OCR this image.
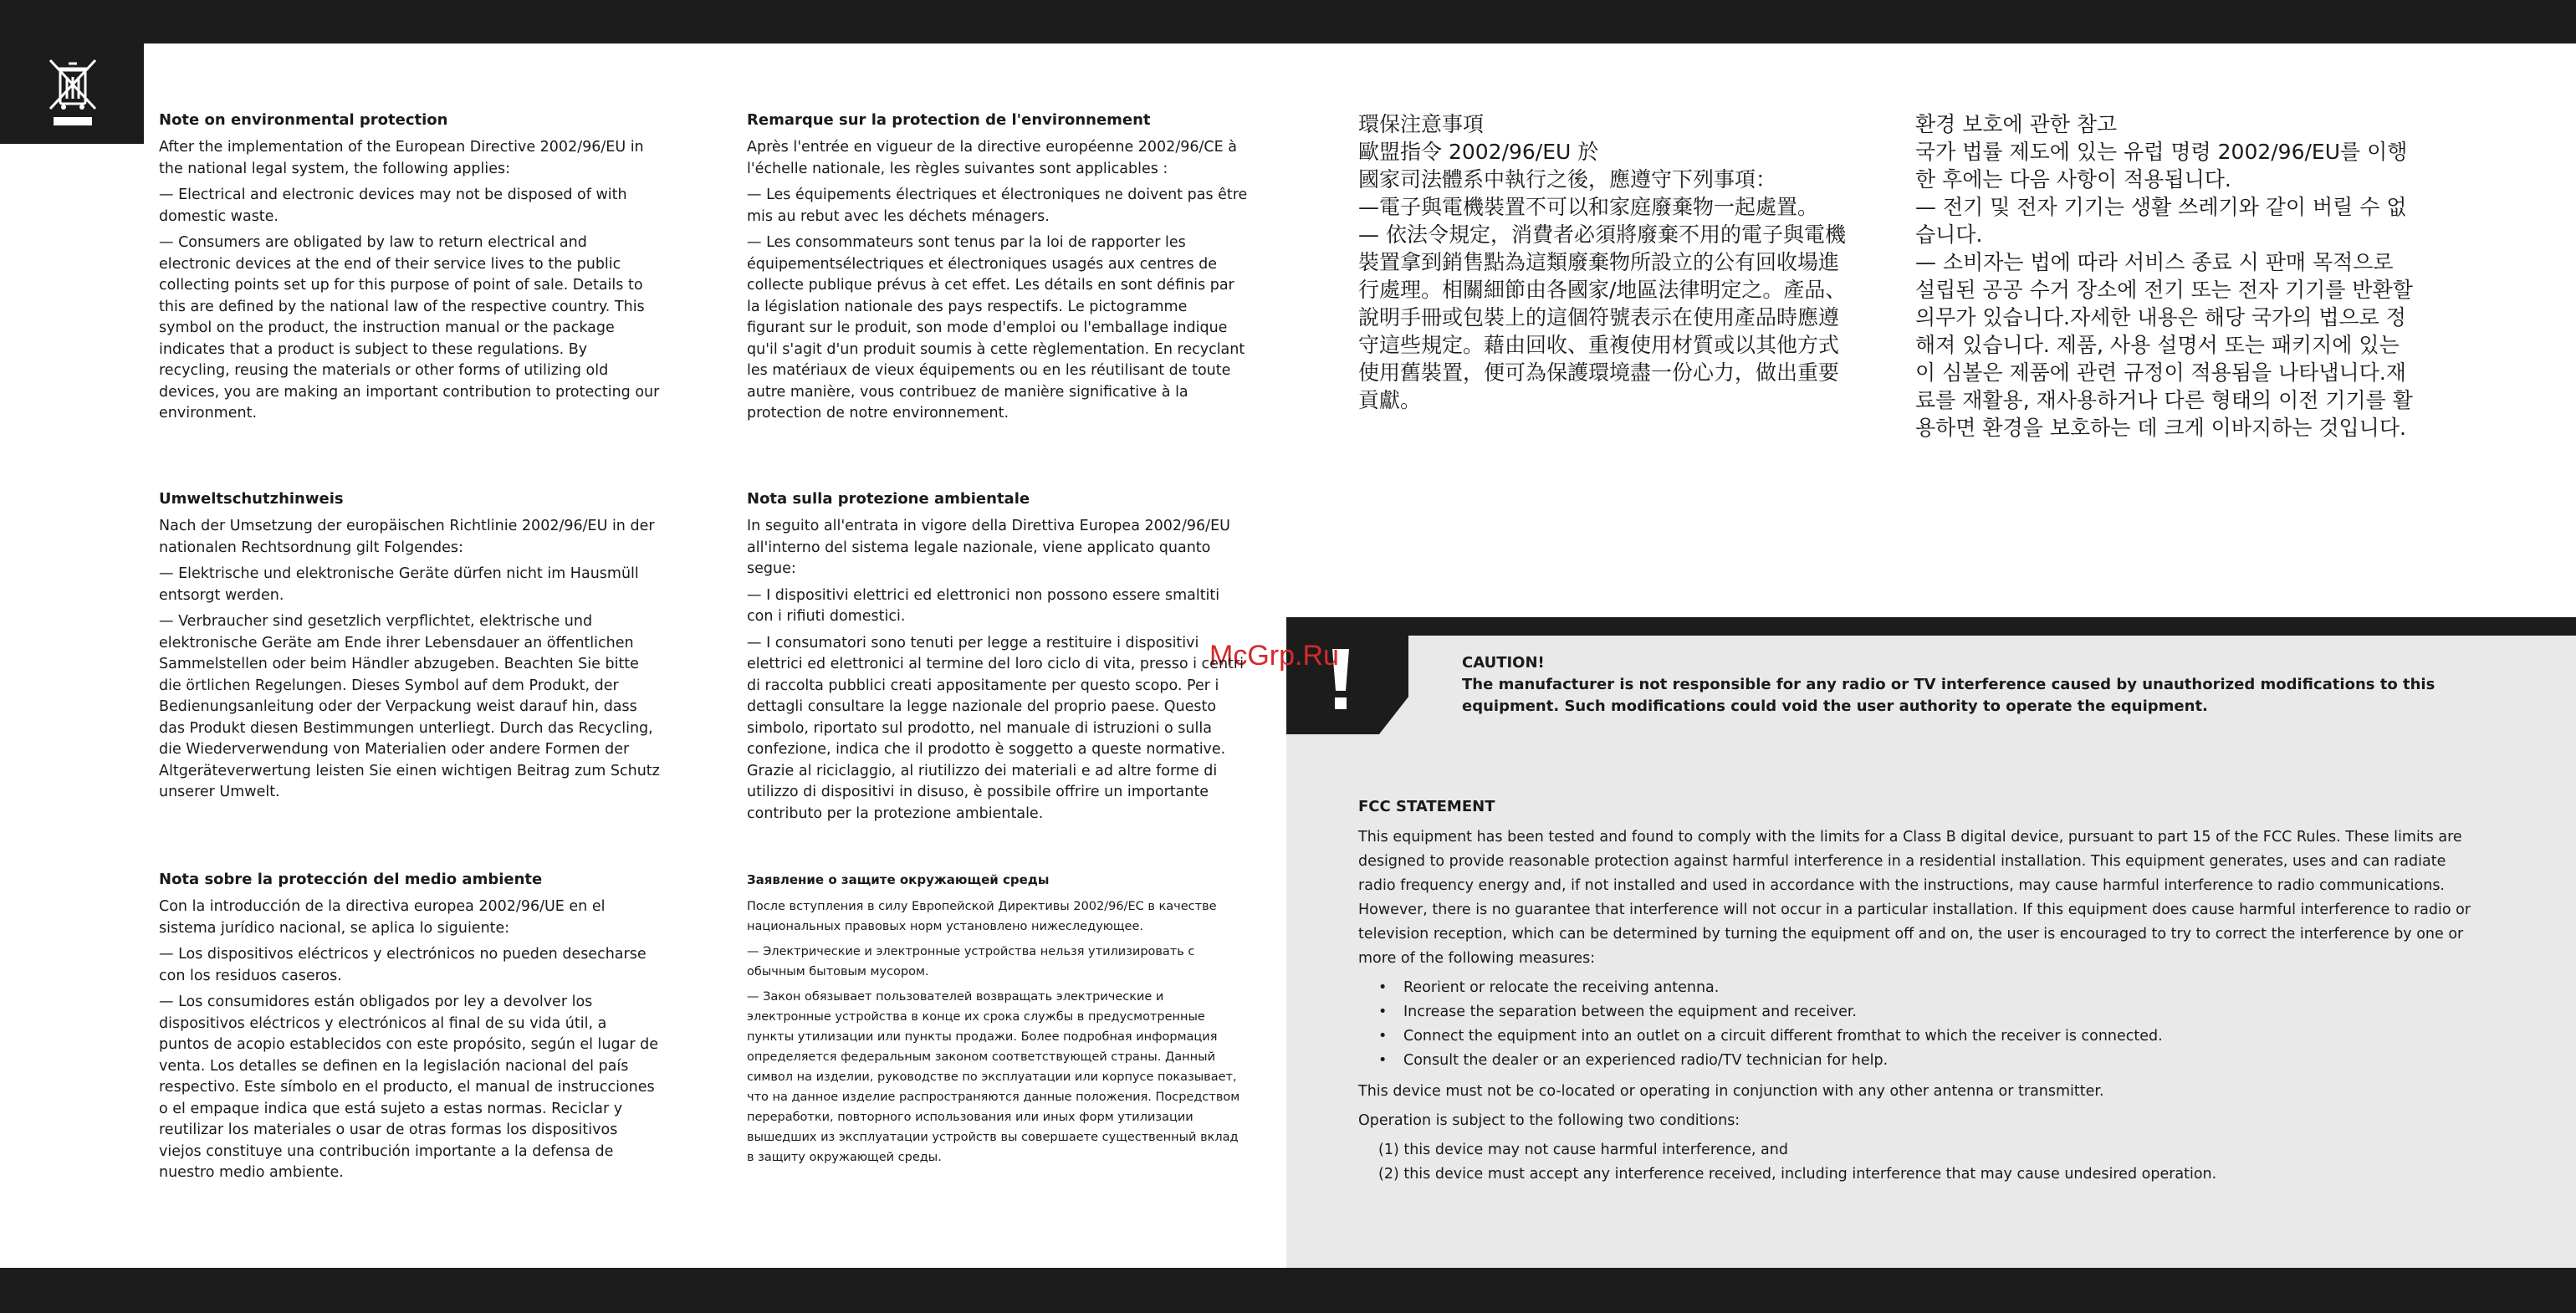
McGrp.Ru
Note on environmental protection

After the implementation of the European Directive 2002/96/EU in the national legal system, the following applies:

— Electrical and electronic devices may not be disposed of with domestic waste.

— Consumers are obligated by law to return electrical and electronic devices at the end of their service lives to the public collecting points set up for this purpose of point of sale. Details to this are defined by the national law of the respective country. This symbol on the product, the instruction manual or the package indicates that a product is subject to these regulations. By recycling, reusing the materials or other forms of utilizing old devices, you are making an important contribution to protecting our environment.

Remarque sur la protection de l'environnement

Après l'entrée en vigueur de la directive européenne 2002/96/CE à l'échelle nationale, les règles suivantes sont applicables :

— Les équipements électriques et électroniques ne doivent pas être mis au rebut avec les déchets ménagers.

— Les consommateurs sont tenus par la loi de rapporter les équipementsélectriques et électroniques usagés aux centres de collecte publique prévus à cet effet. Les détails en sont définis par la législation nationale des pays respectifs. Le pictogramme figurant sur le produit, son mode d'emploi ou l'emballage indique qu'il s'agit d'un produit soumis à cette règlementation. En recyclant les matériaux de vieux équipements ou en les réutilisant de toute autre manière, vous contribuez de manière significative à la protection de notre environnement.

Umweltschutzhinweis

Nach der Umsetzung der europäischen Richtlinie 2002/96/EU in der nationalen Rechtsordnung gilt Folgendes:

— Elektrische und elektronische Geräte dürfen nicht im Hausmüll entsorgt werden.

— Verbraucher sind gesetzlich verpflichtet, elektrische und elektronische Geräte am Ende ihrer Lebensdauer an öffentlichen Sammelstellen oder beim Händler abzugeben. Beachten Sie bitte die örtlichen Regelungen. Dieses Symbol auf dem Produkt, der Bedienungsanleitung oder der Verpackung weist darauf hin, dass das Produkt diesen Bestimmungen unterliegt. Durch das Recycling, die Wiederverwendung von Materialien oder andere Formen der Altgeräteverwertung leisten Sie einen wichtigen Beitrag zum Schutz unserer Umwelt.

Nota sulla protezione ambientale

In seguito all'entrata in vigore della Direttiva Europea 2002/96/EU all'interno del sistema legale nazionale, viene applicato quanto segue:

— I dispositivi elettrici ed elettronici non possono essere smaltiti con i rifiuti domestici.

— I consumatori sono tenuti per legge a restituire i dispositivi elettrici ed elettronici al termine del loro ciclo di vita, presso i centri di raccolta pubblici creati appositamente per questo scopo. Per i dettagli consultare la legge nazionale del proprio paese. Questo simbolo, riportato sul prodotto, nel manuale di istruzioni o sulla confezione, indica che il prodotto è soggetto a queste normative. Grazie al riciclaggio, al riutilizzo dei materiali e ad altre forme di utilizzo di dispositivi in disuso, è possibile offrire un importante contributo per la protezione ambientale.

Nota sobre la protección del medio ambiente

Con la introducción de la directiva europea 2002/96/UE en el sistema jurídico nacional, se aplica lo siguiente:

— Los dispositivos eléctricos y electrónicos no pueden desecharse con los residuos caseros.

— Los consumidores están obligados por ley a devolver los dispositivos eléctricos y electrónicos al final de su vida útil, a puntos de acopio establecidos con este propósito, según el lugar de venta. Los detalles se definen en la legislación nacional del país respectivo. Este símbolo en el producto, el manual de instrucciones o el empaque indica que está sujeto a estas normas. Reciclar y reutilizar los materiales o usar de otras formas los dispositivos viejos constituye una contribución importante a la defensa de nuestro medio ambiente.

Заявление о защите окружающей среды

После вступления в силу Европейской Директивы 2002/96/ЕС в качестве национальных правовых норм установлено нижеследующее.

— Электрические и электронные устройства нельзя утилизировать с обычным бытовым мусором.

— Закон обязывает пользователей возвращать электрические и электронные устройства в конце их срока службы в предусмотренные пункты утилизации или пункты продажи. Более подробная информация определяется федеральным законом соответствующей страны. Данный символ на изделии, руководстве по эксплуатации или корпусе показывает, что на данное изделие распространяются данные положения. Посредством переработки, повторного использования или иных форм утилизации вышедших из эксплуатации устройств вы совершаете существенный вклад в защиту окружающей среды.

環保注意事項

歐盟指令 2002/96/EU 於

國家司法體系中執行之後，應遵守下列事項：

—電子與電機裝置不可以和家庭廢棄物一起處置。

— 依法令規定，消費者必須將廢棄不用的電子與電機裝置拿到銷售點為這類廢棄物所設立的公有回收場進行處理。相關細節由各國家/地區法律明定之。產品、說明手冊或包裝上的這個符號表示在使用產品時應遵守這些規定。藉由回收、重複使用材質或以其他方式使用舊裝置，便可為保護環境盡一份心力，做出重要貢獻。

환경 보호에 관한 참고

국가 법률 제도에 있는 유럽 명령 2002/96/EU를 이행한 후에는 다음 사항이 적용됩니다.

— 전기 및 전자 기기는 생활 쓰레기와 같이 버릴 수 없습니다.

— 소비자는 법에 따라 서비스 종료 시 판매 목적으로 설립된 공공 수거 장소에 전기 또는 전자 기기를 반환할 의무가 있습니다.자세한 내용은 해당 국가의 법으로 정해져 있습니다. 제품, 사용 설명서 또는 패키지에 있는 이 심볼은 제품에 관련 규정이 적용됨을 나타냅니다.재료를 재활용, 재사용하거나 다른 형태의 이전 기기를 활용하면 환경을 보호하는 데 크게 이바지하는 것입니다.

CAUTION!

The manufacturer is not responsible for any radio or TV interference caused by unauthorized modifications to this equipment. Such modifications could void the user authority to operate the equipment.

FCC STATEMENT

This equipment has been tested and found to comply with the limits for a Class B digital device, pursuant to part 15 of the FCC Rules. These limits are designed to provide reasonable protection against harmful interference in a residential installation. This equipment generates, uses and can radiate radio frequency energy and, if not installed and used in accordance with the instructions, may cause harmful interference to radio communications. However, there is no guarantee that interference will not occur in a particular installation. If this equipment does cause harmful interference to radio or television reception, which can be determined by turning the equipment off and on, the user is encouraged to try to correct the interference by one or more of the following measures:

• Reorient or relocate the receiving antenna.
• Increase the separation between the equipment and receiver.
• Connect the equipment into an outlet on a circuit different fromthat to which the receiver is connected.
• Consult the dealer or an experienced radio/TV technician for help.

This device must not be co-located or operating in conjunction with any other antenna or transmitter.

Operation is subject to the following two conditions:

(1) this device may not cause harmful interference, and

(2) this device must accept any interference received, including interference that may cause undesired operation.
